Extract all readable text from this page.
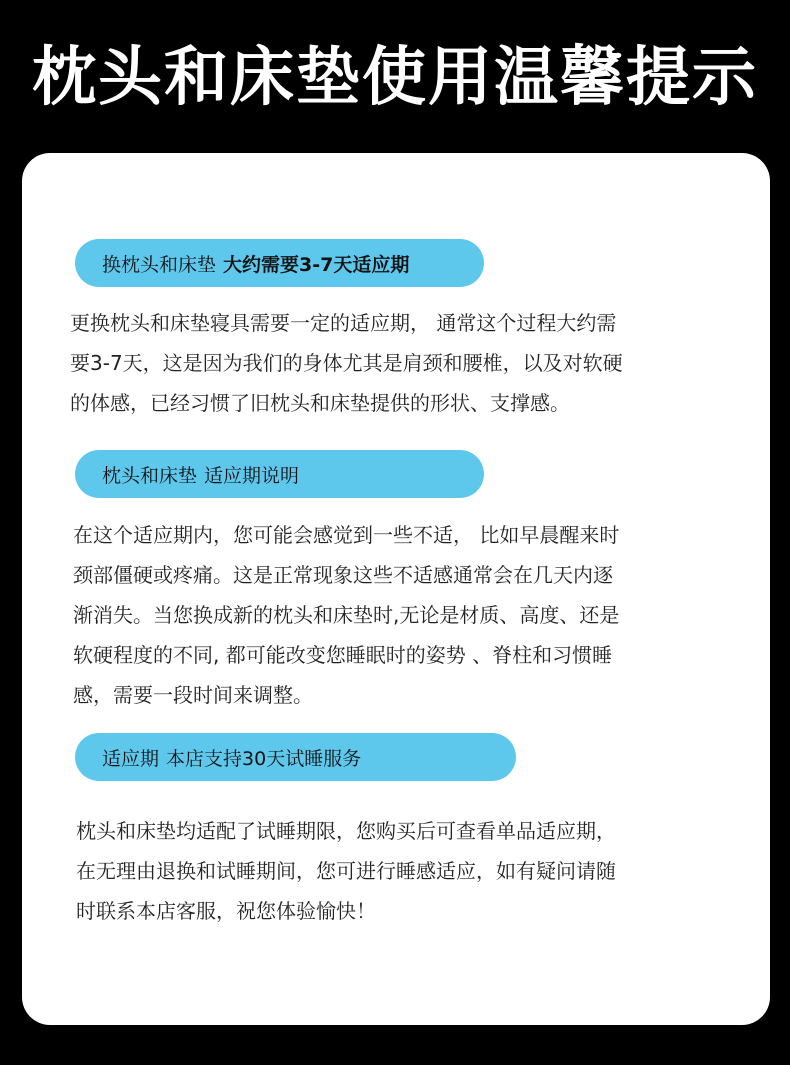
枕头和床垫使用温馨提示
换枕头和床垫 大约需要3-7天适应期
更换枕头和床垫寝具需要一定的适应期， 通常这个过程大约需
要3-7天，这是因为我们的身体尤其是肩颈和腰椎，以及对软硬
的体感，已经习惯了旧枕头和床垫提供的形状、支撑感。
枕头和床垫 适应期说明
在这个适应期内，您可能会感觉到一些不适， 比如早晨醒来时
颈部僵硬或疼痛。这是正常现象这些不适感通常会在几天内逐
渐消失。当您换成新的枕头和床垫时,无论是材质、高度、还是
软硬程度的不同, 都可能改变您睡眠时的姿势 、脊柱和习惯睡
感，需要一段时间来调整。
适应期 本店支持30天试睡服务
枕头和床垫均适配了试睡期限，您购买后可查看单品适应期，
在无理由退换和试睡期间，您可进行睡感适应，如有疑问请随
时联系本店客服，祝您体验愉快！
